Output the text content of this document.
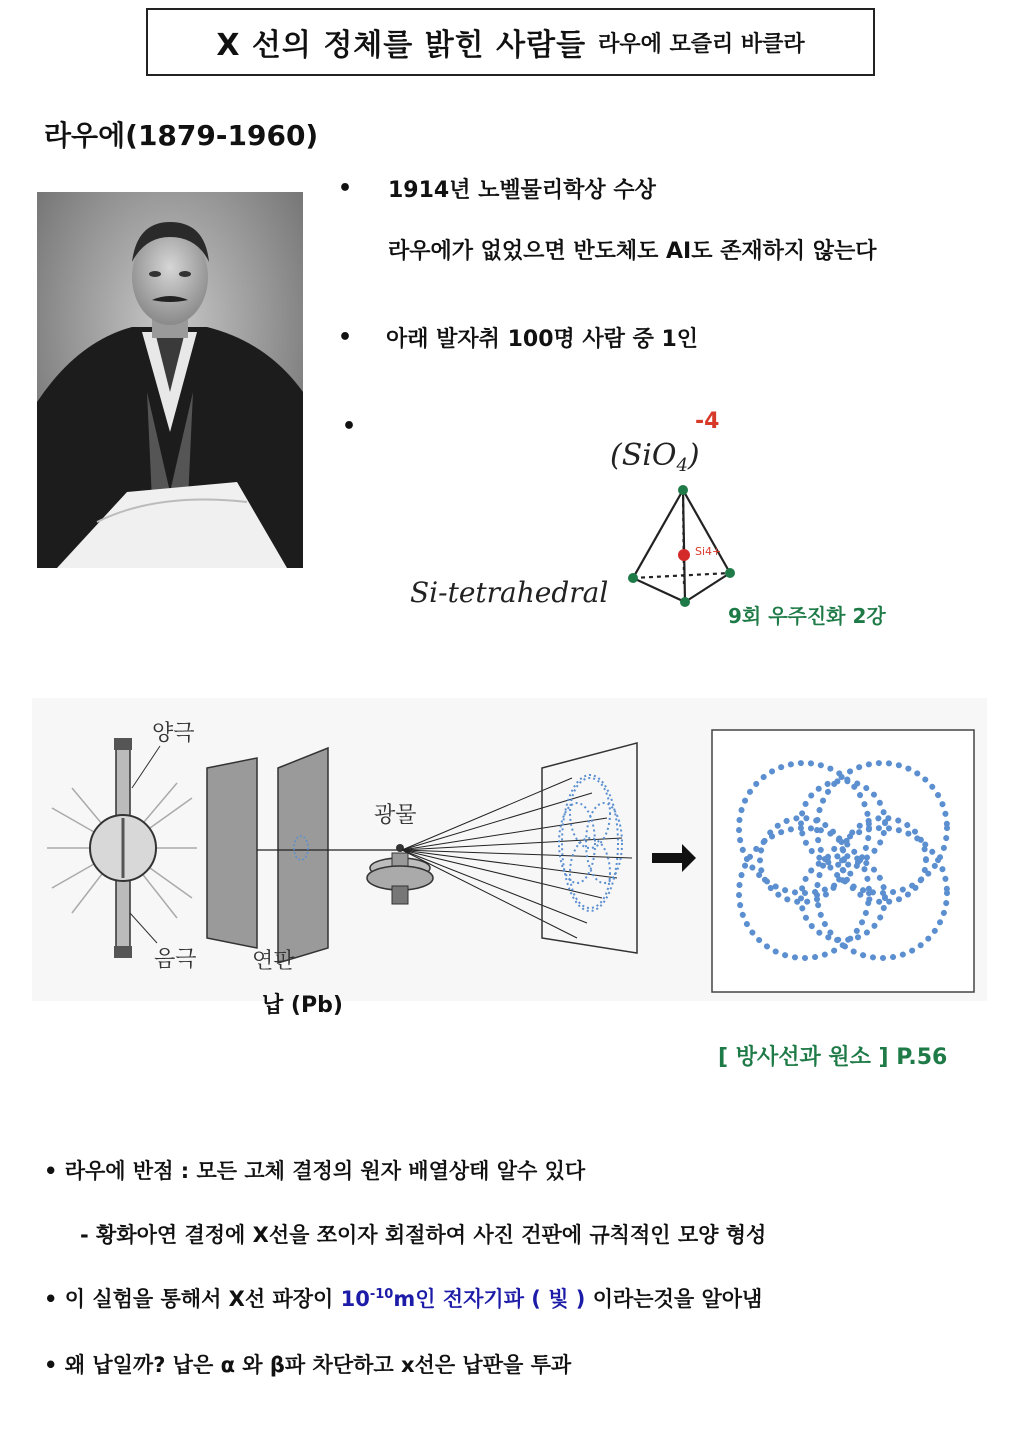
X 선의 정체를 밝힌 사람들 라우에 모즐리 바클라
라우에(1879-1960)
• 1914년 노벨물리학상 수상
라우에가 없었으면 반도체도 AI도 존재하지 않는다
• 아래 발자취 100명 사람 중 1인
•
(SiO$_4$)
-4
Si4+
Si-tetrahedral
9회 우주진화 2강
양극
음극	연판
광물
납 (Pb)
[ 방사선과 원소 ] P.56
• 라우에 반점 : 모든 고체 결정의 원자 배열상태 알수 있다
- 황화아연 결정에 X선을 쪼이자 회절하여 사진 건판에 규칙적인 모양 형성
• 이 실험을 통해서 X선 파장이 $10^{-10}m$인 전자기파 ( 빛 ) 이라는것을 알아냄
• 왜 납일까? 납은 α 와 β파 차단하고 x선은 납판을 투과
